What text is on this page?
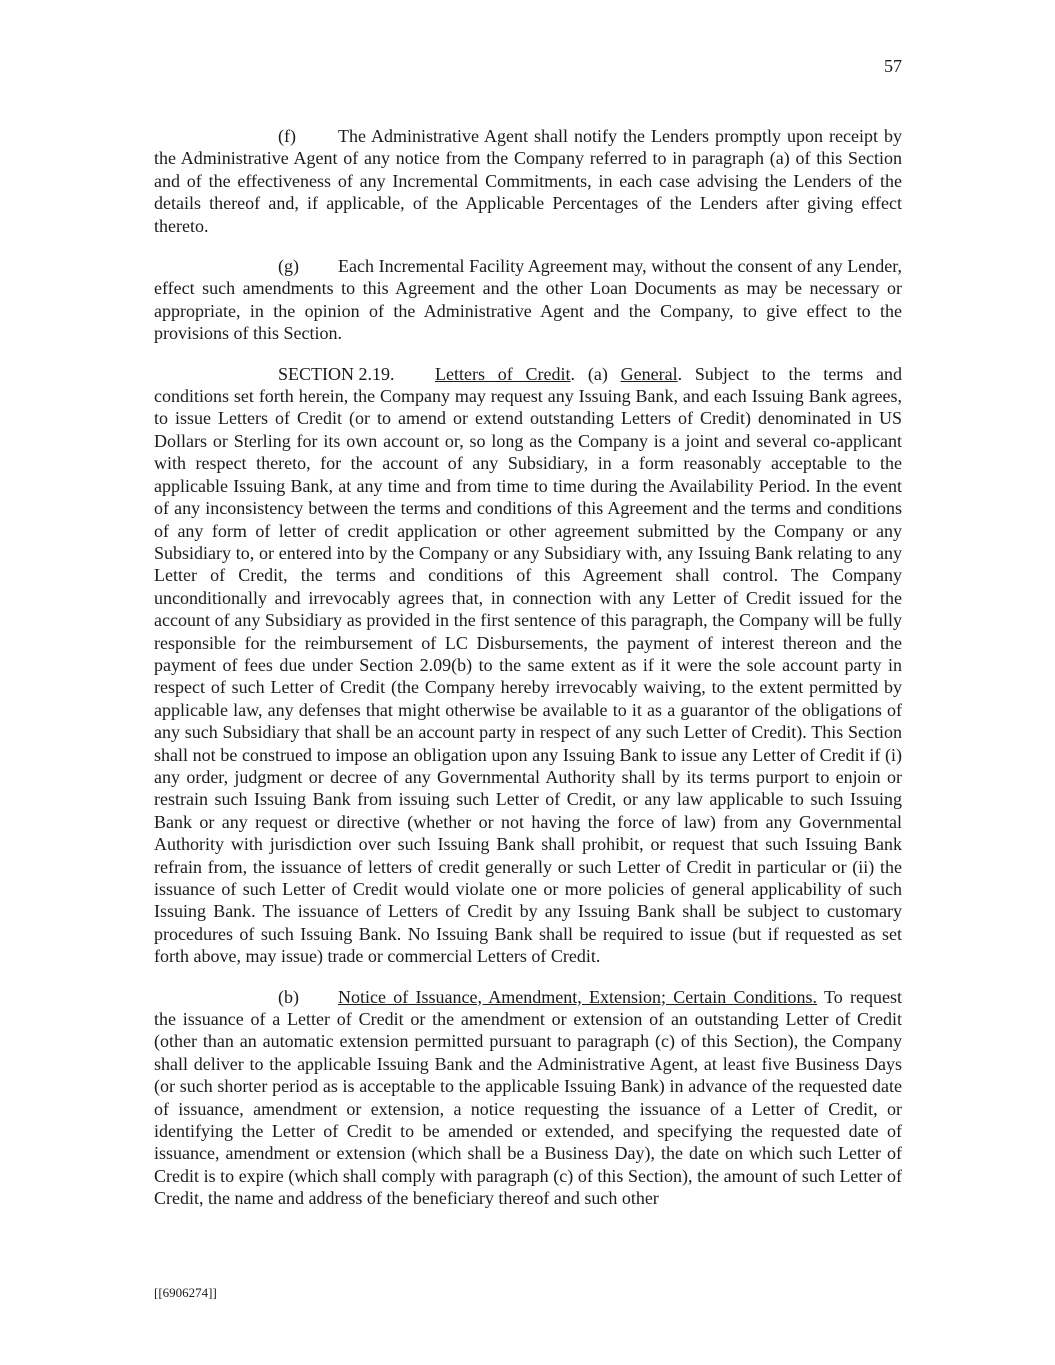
57

(f) The Administrative Agent shall notify the Lenders promptly upon receipt by the Administrative Agent of any notice from the Company referred to in paragraph (a) of this Section and of the effectiveness of any Incremental Commitments, in each case advising the Lenders of the details thereof and, if applicable, of the Applicable Percentages of the Lenders after giving effect thereto.

(g) Each Incremental Facility Agreement may, without the consent of any Lender, effect such amendments to this Agreement and the other Loan Documents as may be necessary or appropriate, in the opinion of the Administrative Agent and the Company, to give effect to the provisions of this Section.

SECTION 2.19. Letters of Credit. (a) General. Subject to the terms and conditions set forth herein, the Company may request any Issuing Bank, and each Issuing Bank agrees, to issue Letters of Credit (or to amend or extend outstanding Letters of Credit) denominated in US Dollars or Sterling for its own account or, so long as the Company is a joint and several co-applicant with respect thereto, for the account of any Subsidiary, in a form reasonably acceptable to the applicable Issuing Bank, at any time and from time to time during the Availability Period. In the event of any inconsistency between the terms and conditions of this Agreement and the terms and conditions of any form of letter of credit application or other agreement submitted by the Company or any Subsidiary to, or entered into by the Company or any Subsidiary with, any Issuing Bank relating to any Letter of Credit, the terms and conditions of this Agreement shall control. The Company unconditionally and irrevocably agrees that, in connection with any Letter of Credit issued for the account of any Subsidiary as provided in the first sentence of this paragraph, the Company will be fully responsible for the reimbursement of LC Disbursements, the payment of interest thereon and the payment of fees due under Section 2.09(b) to the same extent as if it were the sole account party in respect of such Letter of Credit (the Company hereby irrevocably waiving, to the extent permitted by applicable law, any defenses that might otherwise be available to it as a guarantor of the obligations of any such Subsidiary that shall be an account party in respect of any such Letter of Credit). This Section shall not be construed to impose an obligation upon any Issuing Bank to issue any Letter of Credit if (i) any order, judgment or decree of any Governmental Authority shall by its terms purport to enjoin or restrain such Issuing Bank from issuing such Letter of Credit, or any law applicable to such Issuing Bank or any request or directive (whether or not having the force of law) from any Governmental Authority with jurisdiction over such Issuing Bank shall prohibit, or request that such Issuing Bank refrain from, the issuance of letters of credit generally or such Letter of Credit in particular or (ii) the issuance of such Letter of Credit would violate one or more policies of general applicability of such Issuing Bank. The issuance of Letters of Credit by any Issuing Bank shall be subject to customary procedures of such Issuing Bank. No Issuing Bank shall be required to issue (but if requested as set forth above, may issue) trade or commercial Letters of Credit.

(b) Notice of Issuance, Amendment, Extension; Certain Conditions. To request the issuance of a Letter of Credit or the amendment or extension of an outstanding Letter of Credit (other than an automatic extension permitted pursuant to paragraph (c) of this Section), the Company shall deliver to the applicable Issuing Bank and the Administrative Agent, at least five Business Days (or such shorter period as is acceptable to the applicable Issuing Bank) in advance of the requested date of issuance, amendment or extension, a notice requesting the issuance of a Letter of Credit, or identifying the Letter of Credit to be amended or extended, and specifying the requested date of issuance, amendment or extension (which shall be a Business Day), the date on which such Letter of Credit is to expire (which shall comply with paragraph (c) of this Section), the amount of such Letter of Credit, the name and address of the beneficiary thereof and such other

[[6906274]]
